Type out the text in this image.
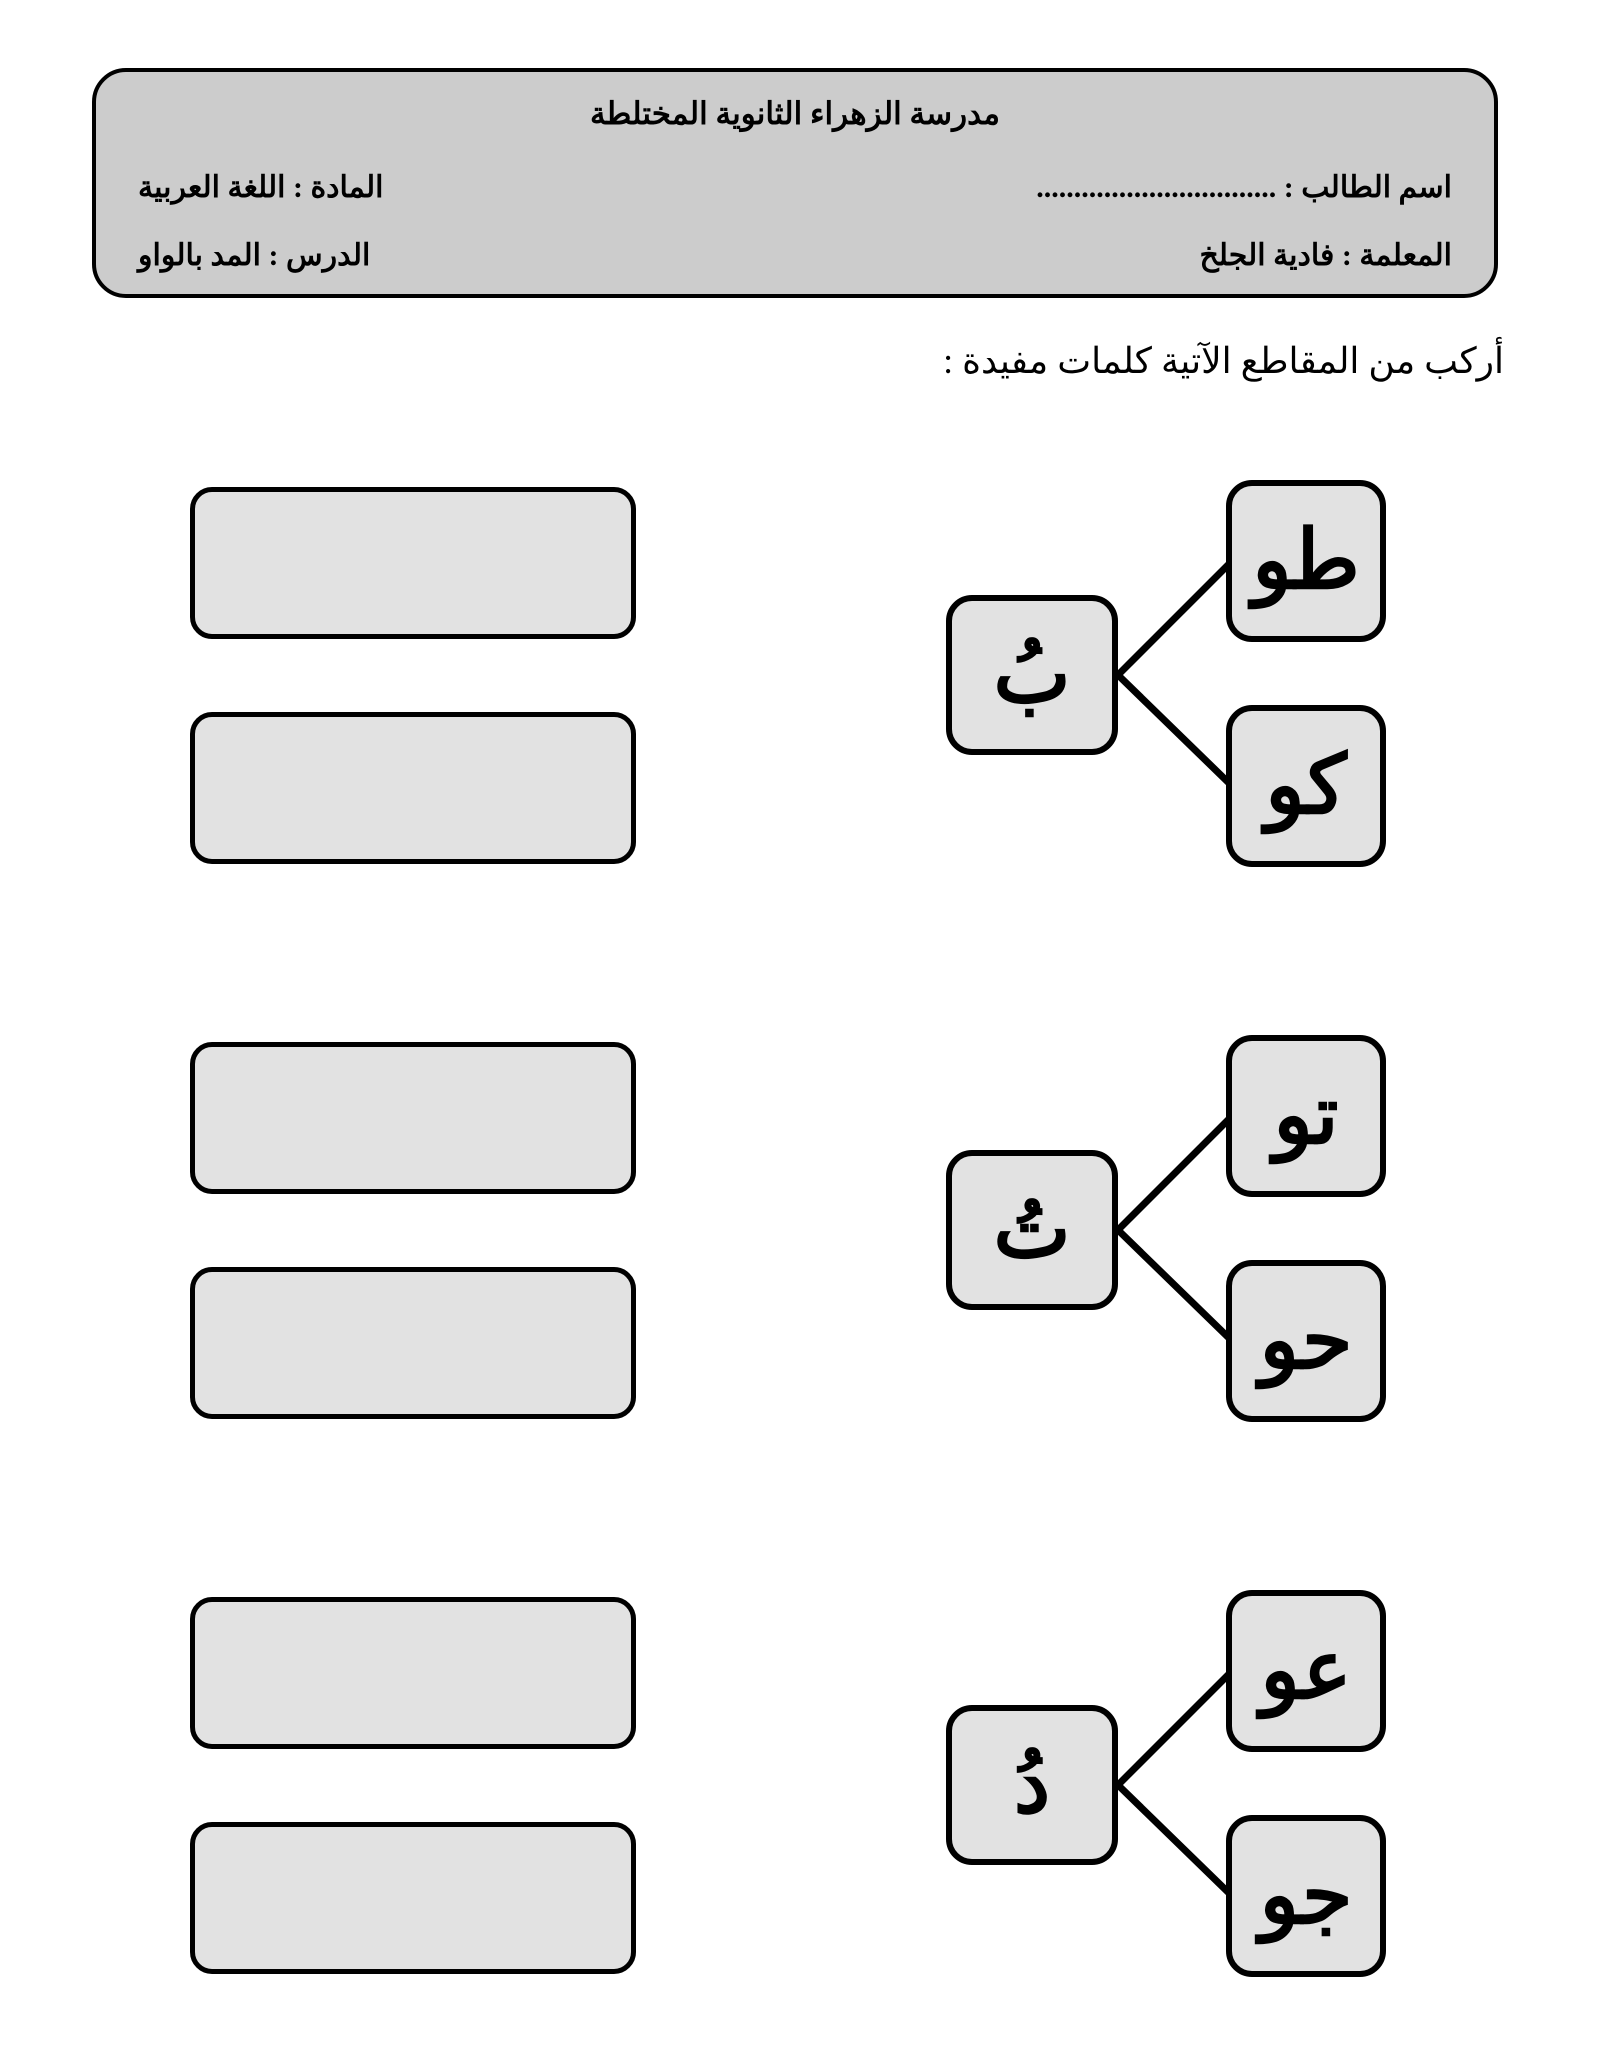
مدرسة الزهراء الثانوية المختلطة
اسم الطالب : ................................
المادة : اللغة العربية
المعلمة : فادية الجلخ
الدرس : المد بالواو
أركب من المقاطع الآتية كلمات مفيدة :
بُ
طو
كو
تُ
تو
حو
دُ
عو
جو
